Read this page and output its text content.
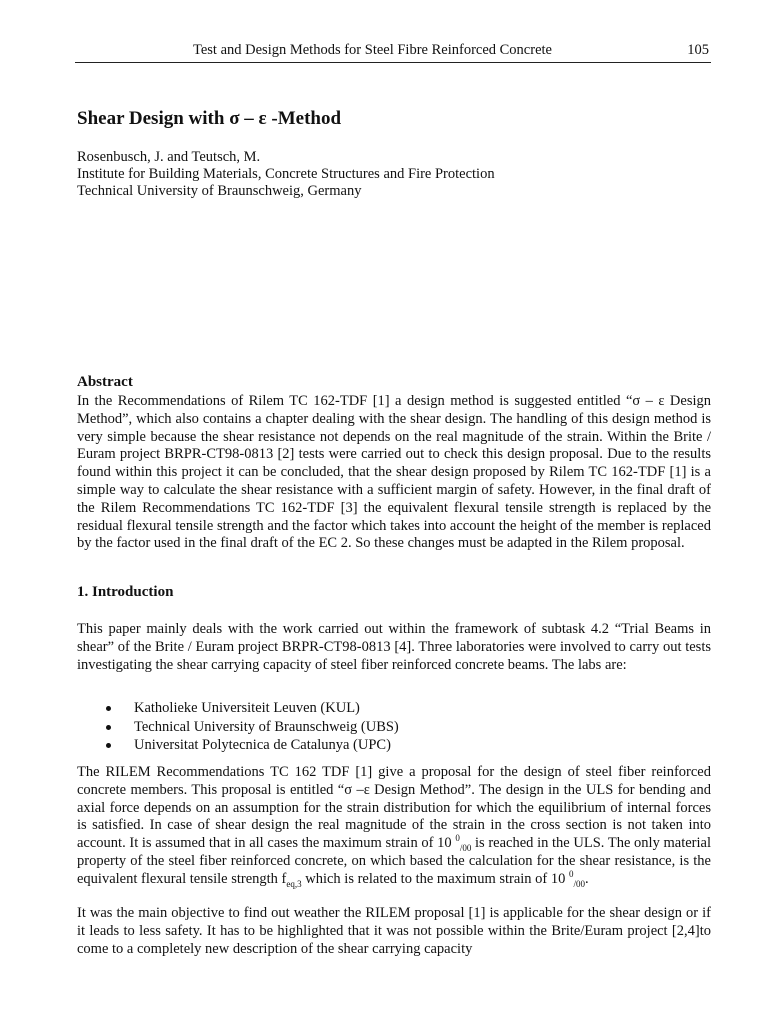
Test and Design Methods for Steel Fibre Reinforced Concrete	105
Shear Design with σ – ε -Method
Rosenbusch, J. and Teutsch, M.
Institute for Building Materials, Concrete Structures and Fire Protection
Technical University of Braunschweig, Germany
Abstract

In the Recommendations of Rilem TC 162-TDF [1] a design method is suggested entitled “σ – ε Design Method”, which also contains a chapter dealing with the shear design. The handling of this design method is very simple because the shear resistance not depends on the real magnitude of the strain. Within the Brite / Euram project BRPR-CT98-0813 [2] tests were carried out to check this design proposal. Due to the results found within this project it can be concluded, that the shear design proposed by Rilem TC 162-TDF [1] is a simple way to calculate the shear resistance with a sufficient margin of safety. However, in the final draft of the Rilem Recommendations TC 162-TDF [3] the equivalent flexural tensile strength is replaced by the residual flexural tensile strength and the factor which takes into account the height of the member is replaced by the factor used in the final draft of the EC 2. So these changes must be adapted in the Rilem proposal.

1. Introduction

This paper mainly deals with the work carried out within the framework of subtask 4.2 “Trial Beams in shear” of the Brite / Euram project BRPR-CT98-0813 [4]. Three laboratories were involved to carry out tests investigating the shear carrying capacity of steel fiber reinforced concrete beams. The labs are:

Katholieke Universiteit Leuven (KUL)
Technical University of Braunschweig (UBS)
Universitat Polytecnica de Catalunya (UPC)

The RILEM Recommendations TC 162 TDF [1] give a proposal for the design of steel fiber reinforced concrete members. This proposal is entitled “σ –ε Design Method”. The design in the ULS for bending and axial force depends on an assumption for the strain distribution for which the equilibrium of internal forces is satisfied. In case of shear design the real magnitude of the strain in the cross section is not taken into account. It is assumed that in all cases the maximum strain of 10 $^0_{/00}$ is reached in the ULS. The only material property of the steel fiber reinforced concrete, on which based the calculation for the shear resistance, is the equivalent flexural tensile strength $f_{eq,3}$ which is related to the maximum strain of 10 $^0_{/00}$.

It was the main objective to find out weather the RILEM proposal [1] is applicable for the shear design or if it leads to less safety. It has to be highlighted that it was not possible within the Brite/Euram project [2,4]to come to a completely new description of the shear carrying capacity
